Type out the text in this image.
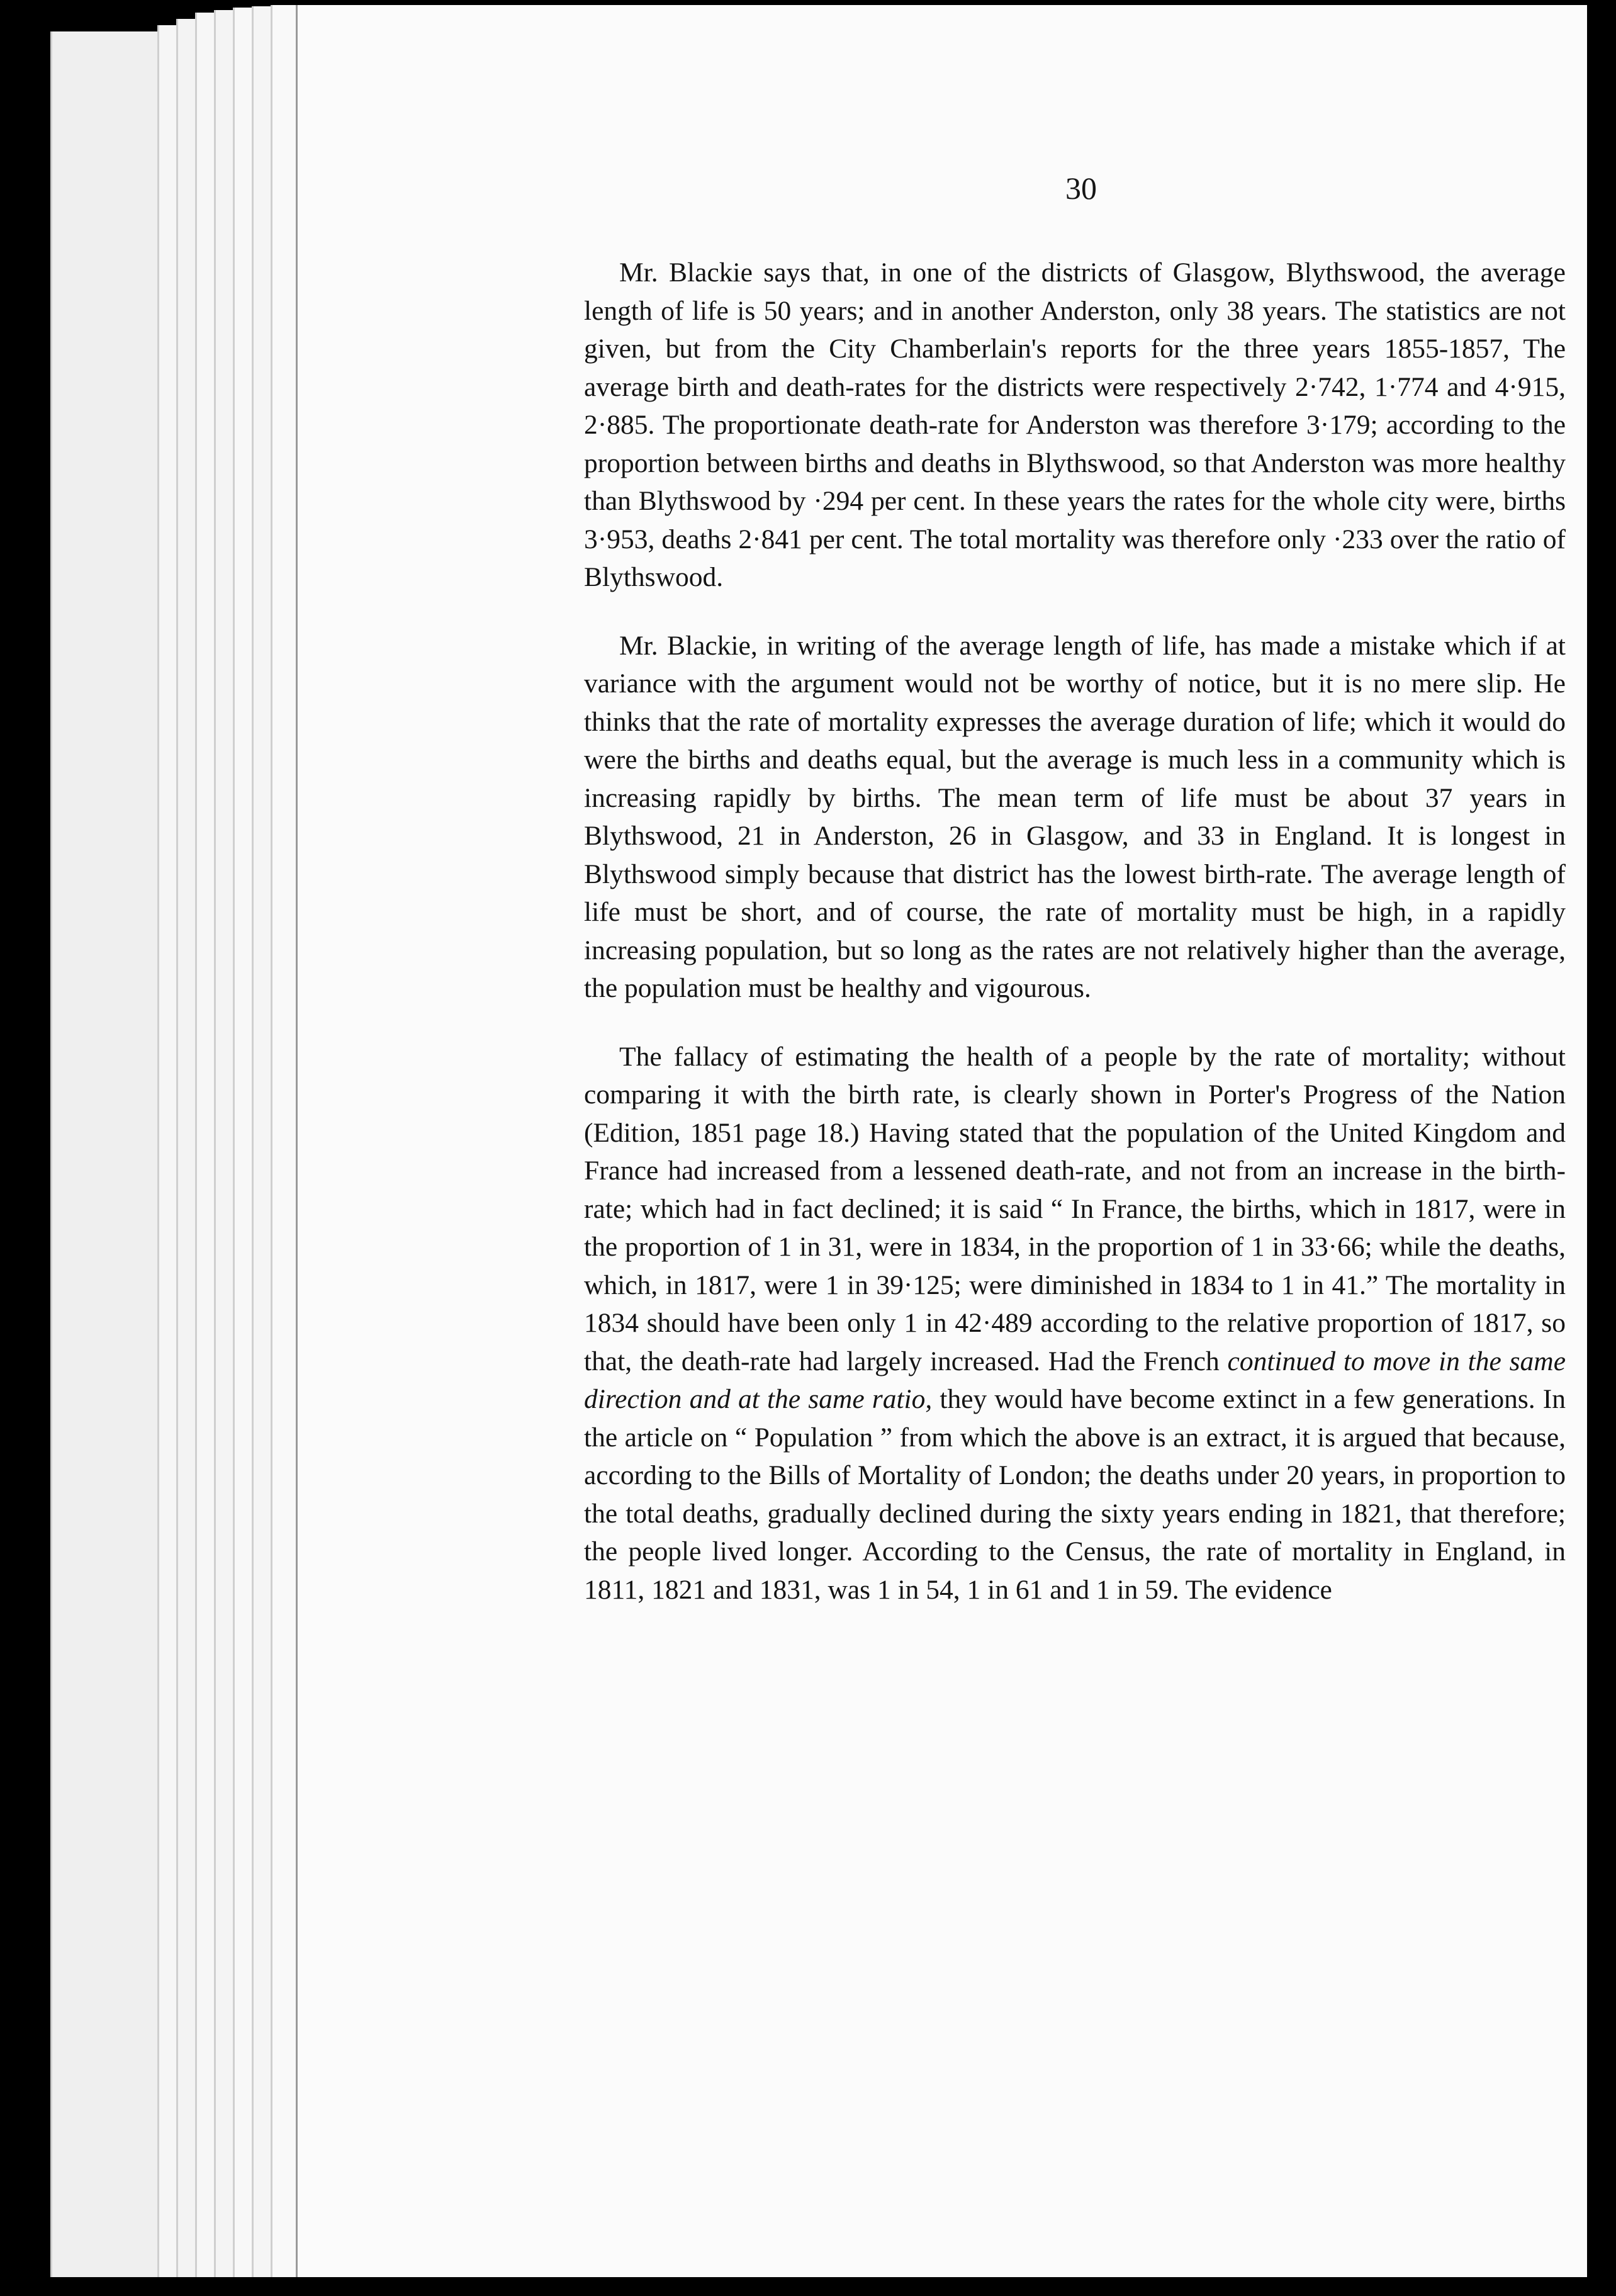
30

Mr. Blackie says that, in one of the districts of Glasgow, Blythswood, the average length of life is 50 years; and in another Anderston, only 38 years. The statistics are not given, but from the City Chamberlain's reports for the three years 1855-1857, The average birth and death-rates for the districts were respectively 2·742, 1·774 and 4·915, 2·885. The proportionate death-rate for Anderston was therefore 3·179; according to the proportion between births and deaths in Blythswood, so that Anderston was more healthy than Blythswood by ·294 per cent. In these years the rates for the whole city were, births 3·953, deaths 2·841 per cent. The total mortality was therefore only ·233 over the ratio of Blythswood.

Mr. Blackie, in writing of the average length of life, has made a mistake which if at variance with the argument would not be worthy of notice, but it is no mere slip. He thinks that the rate of mortality expresses the average duration of life; which it would do were the births and deaths equal, but the average is much less in a community which is increasing rapidly by births. The mean term of life must be about 37 years in Blythswood, 21 in Anderston, 26 in Glasgow, and 33 in England. It is longest in Blythswood simply because that district has the lowest birth-rate. The average length of life must be short, and of course, the rate of mortality must be high, in a rapidly increasing population, but so long as the rates are not relatively higher than the average, the population must be healthy and vigourous.

The fallacy of estimating the health of a people by the rate of mortality; without comparing it with the birth rate, is clearly shown in Porter's Progress of the Nation (Edition, 1851 page 18.) Having stated that the population of the United Kingdom and France had increased from a lessened death-rate, and not from an increase in the birth-rate; which had in fact declined; it is said “ In France, the births, which in 1817, were in the proportion of 1 in 31, were in 1834, in the proportion of 1 in 33·66; while the deaths, which, in 1817, were 1 in 39·125; were diminished in 1834 to 1 in 41.” The mortality in 1834 should have been only 1 in 42·489 according to the relative proportion of 1817, so that, the death-rate had largely increased. Had the French continued to move in the same direction and at the same ratio, they would have become extinct in a few generations. In the article on “ Population ” from which the above is an extract, it is argued that because, according to the Bills of Mortality of London; the deaths under 20 years, in proportion to the total deaths, gradually declined during the sixty years ending in 1821, that therefore; the people lived longer. According to the Census, the rate of mortality in England, in 1811, 1821 and 1831, was 1 in 54, 1 in 61 and 1 in 59. The evidence
